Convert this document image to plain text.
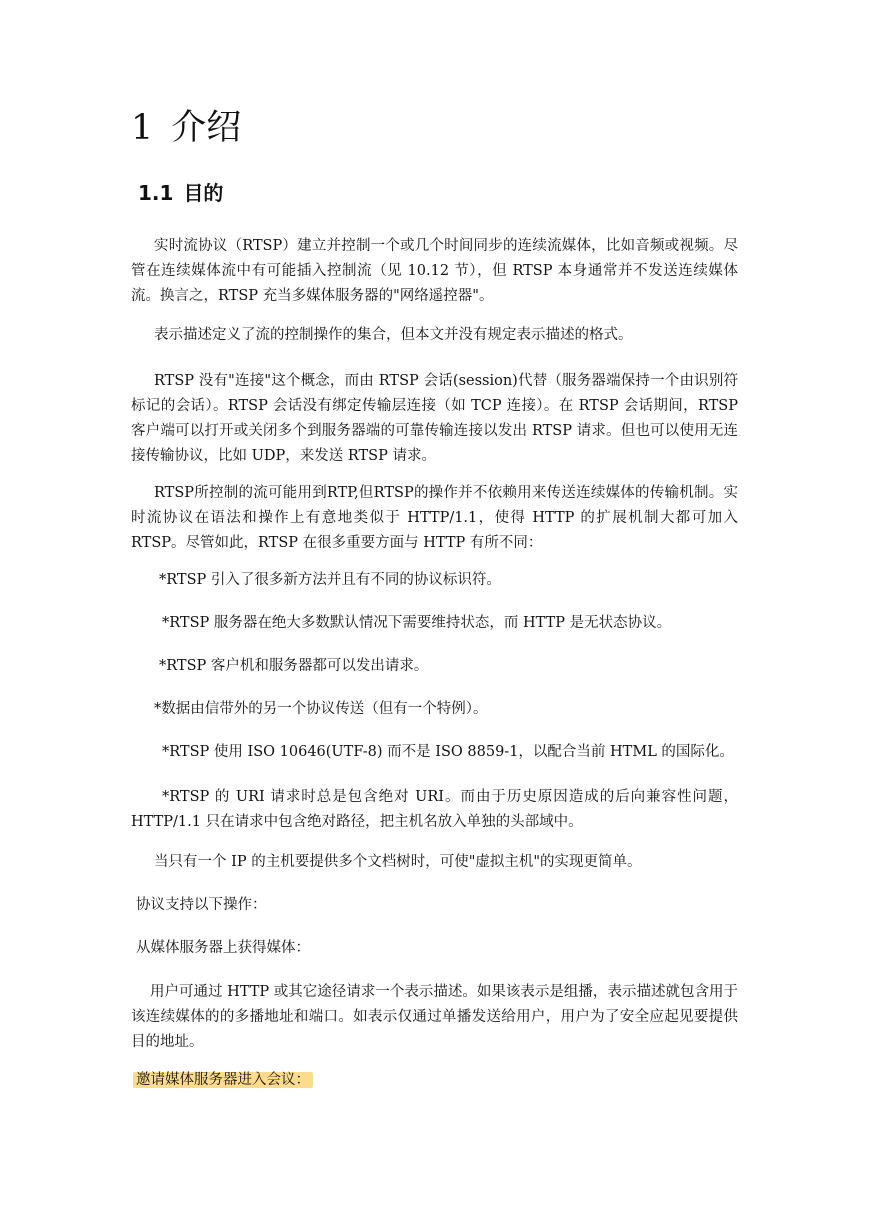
1 介绍
1.1 目的

实时流协议（RTSP）建立并控制一个或几个时间同步的连续流媒体，比如音频或视频。尽管在连续媒体流中有可能插入控制流（见 10.12 节），但 RTSP 本身通常并不发送连续媒体流。换言之，RTSP 充当多媒体服务器的"网络遥控器"。

表示描述定义了流的控制操作的集合，但本文并没有规定表示描述的格式。

RTSP 没有"连接"这个概念，而由 RTSP 会话(session)代替（服务器端保持一个由识别符标记的会话）。RTSP 会话没有绑定传输层连接（如 TCP 连接）。在 RTSP 会话期间，RTSP 客户端可以打开或关闭多个到服务器端的可靠传输连接以发出 RTSP 请求。但也可以使用无连接传输协议，比如 UDP，来发送 RTSP 请求。

RTSP所控制的流可能用到RTP,但RTSP的操作并不依赖用来传送连续媒体的传输机制。实时流协议在语法和操作上有意地类似于 HTTP/1.1，使得 HTTP 的扩展机制大都可加入 RTSP。尽管如此，RTSP 在很多重要方面与 HTTP 有所不同：

*RTSP 引入了很多新方法并且有不同的协议标识符。

*RTSP 服务器在绝大多数默认情况下需要维持状态，而 HTTP 是无状态协议。

*RTSP 客户机和服务器都可以发出请求。

*数据由信带外的另一个协议传送（但有一个特例）。

*RTSP 使用 ISO 10646(UTF-8) 而不是 ISO 8859-1，以配合当前 HTML 的国际化。

*RTSP 的 URI 请求时总是包含绝对 URI。而由于历史原因造成的后向兼容性问题，HTTP/1.1 只在请求中包含绝对路径，把主机名放入单独的头部域中。

当只有一个 IP 的主机要提供多个文档树时，可使"虚拟主机"的实现更简单。

协议支持以下操作：

从媒体服务器上获得媒体：

用户可通过 HTTP 或其它途径请求一个表示描述。如果该表示是组播，表示描述就包含用于该连续媒体的的多播地址和端口。如表示仅通过单播发送给用户，用户为了安全应起见要提供目的地址。

邀请媒体服务器进入会议：
